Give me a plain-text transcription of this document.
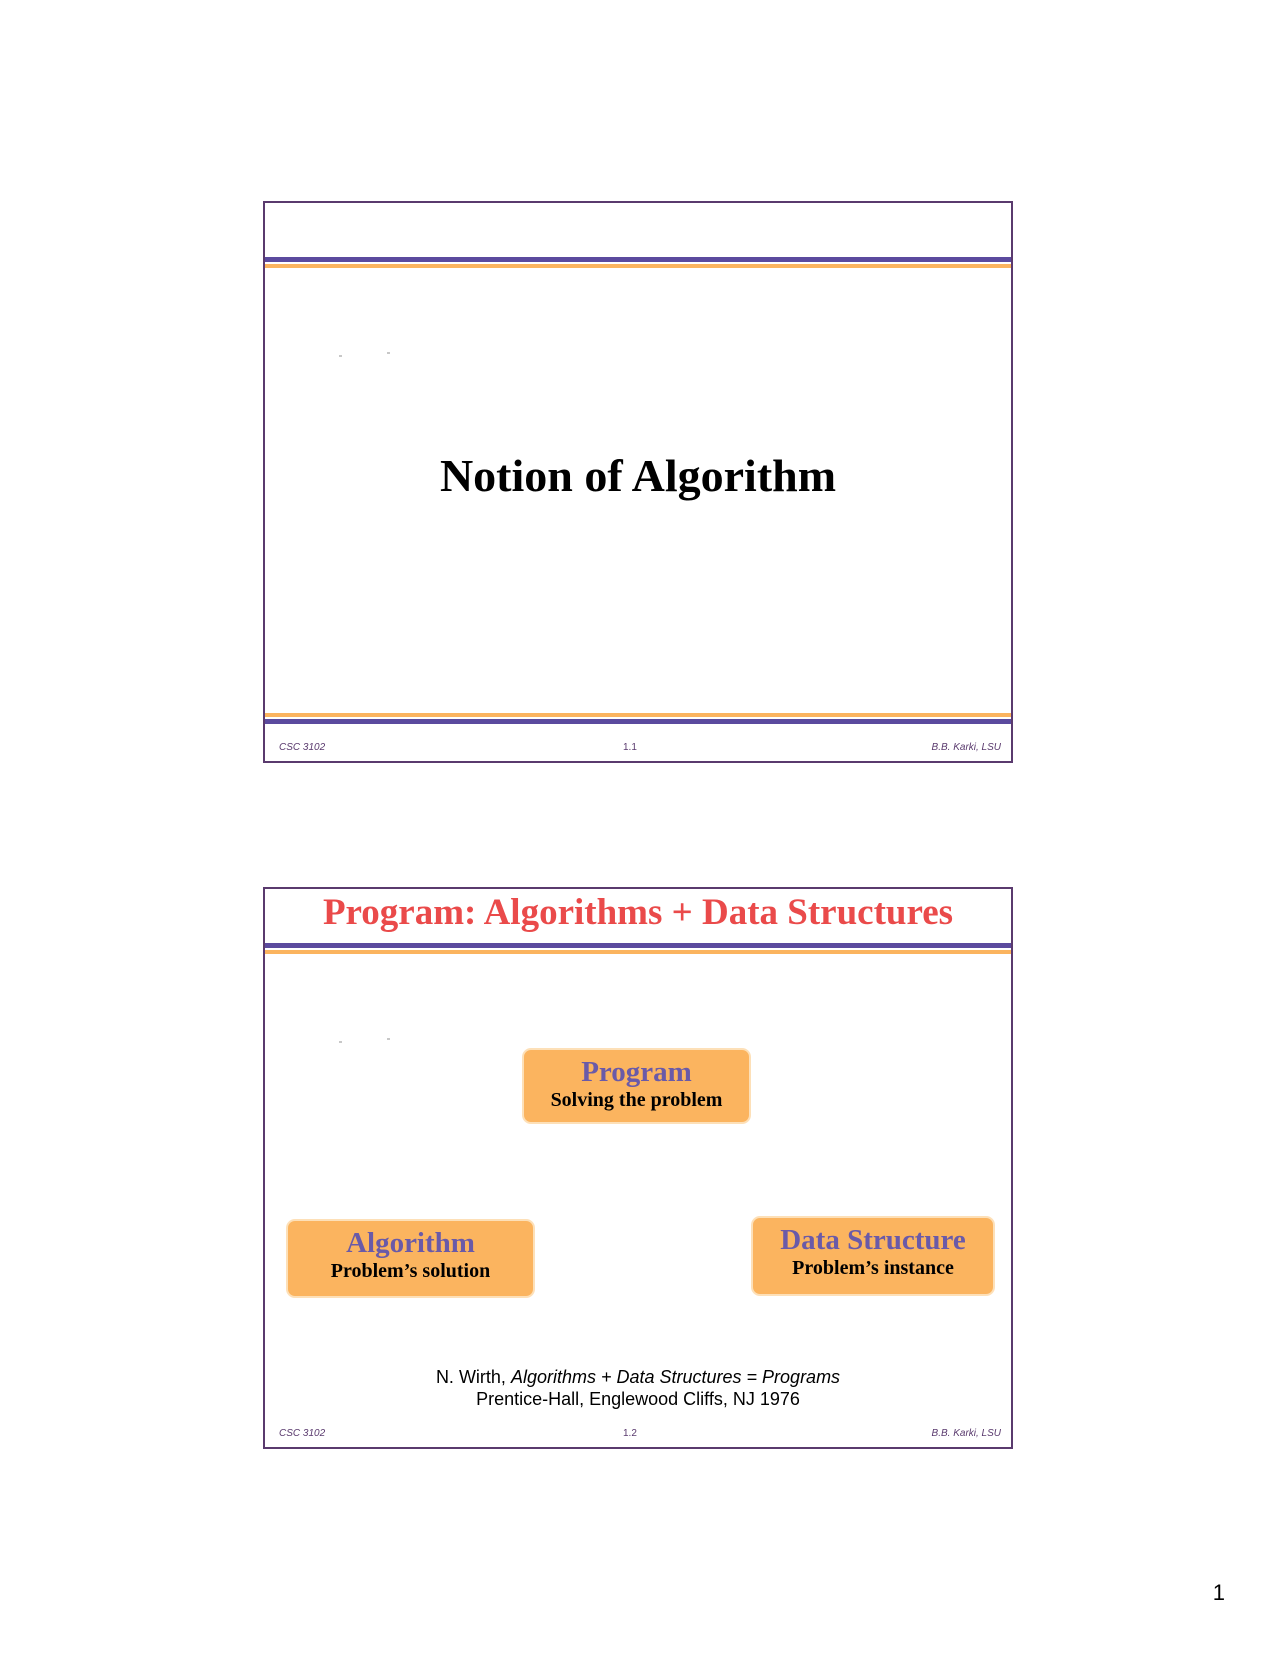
Notion of Algorithm
CSC 3102	1.1	B.B. Karki, LSU
Program: Algorithms + Data Structures
Program
Solving the problem
Algorithm
Problem’s solution
Data Structure
Problem’s instance
N. Wirth, Algorithms + Data Structures = Programs
Prentice-Hall, Englewood Cliffs, NJ 1976
CSC 3102	1.2	B.B. Karki, LSU
1
